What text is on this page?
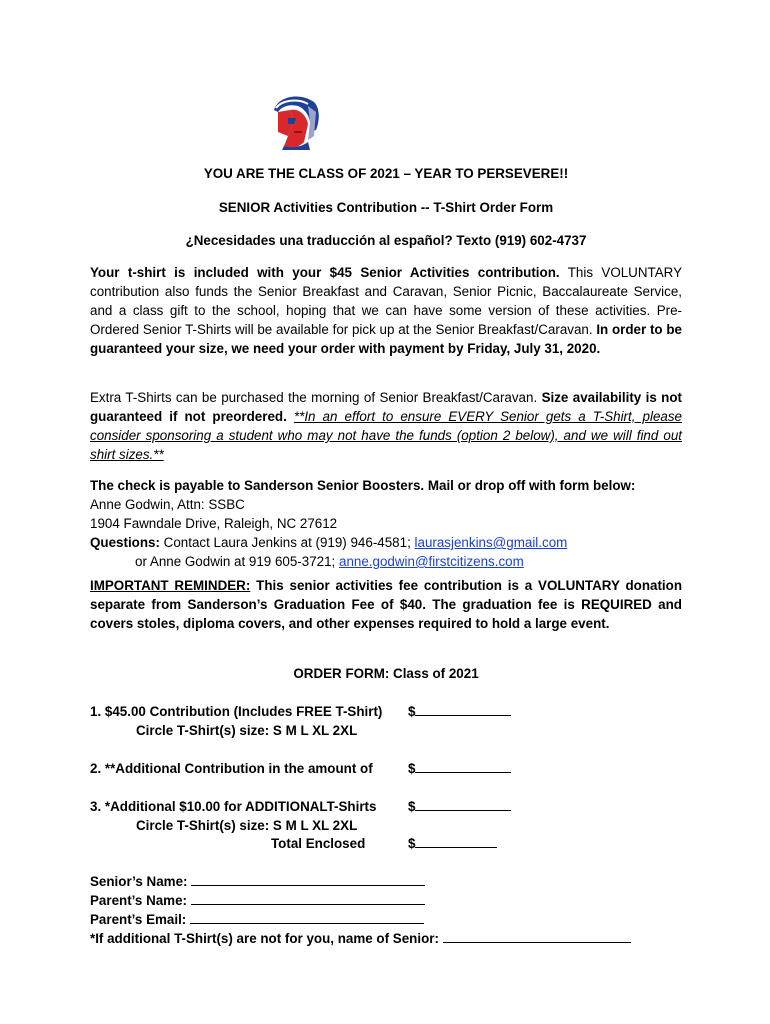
YOU ARE THE CLASS OF 2021 – YEAR TO PERSEVERE!!
SENIOR Activities Contribution -- T-Shirt Order Form
¿Necesidades una traducción al español? Texto (919) 602-4737
Your t-shirt is included with your $45 Senior Activities contribution. This VOLUNTARY contribution also funds the Senior Breakfast and Caravan, Senior Picnic, Baccalaureate Service, and a class gift to the school, hoping that we can have some version of these activities. Pre-Ordered Senior T-Shirts will be available for pick up at the Senior Breakfast/Caravan. In order to be guaranteed your size, we need your order with payment by Friday, July 31, 2020.
Extra T-Shirts can be purchased the morning of Senior Breakfast/Caravan. Size availability is not guaranteed if not preordered. **In an effort to ensure EVERY Senior gets a T-Shirt, please consider sponsoring a student who may not have the funds (option 2 below), and we will find out shirt sizes.**
The check is payable to Sanderson Senior Boosters. Mail or drop off with form below:
Anne Godwin, Attn: SSBC
1904 Fawndale Drive, Raleigh, NC 27612
Questions: Contact Laura Jenkins at (919) 946-4581; laurasjenkins@gmail.com
or Anne Godwin at 919 605-3721; anne.godwin@firstcitizens.com
IMPORTANT REMINDER: This senior activities fee contribution is a VOLUNTARY donation separate from Sanderson’s Graduation Fee of $40. The graduation fee is REQUIRED and covers stoles, diploma covers, and other expenses required to hold a large event.
ORDER FORM: Class of 2021
1. $45.00 Contribution (Includes FREE T-Shirt) $
Circle T-Shirt(s) size: S M L XL 2XL
2. **Additional Contribution in the amount of	$
3. *Additional $10.00 for ADDITIONALT-Shirts $
Circle T-Shirt(s) size: S M L XL 2XL
Total Enclosed	$
Senior’s Name:
Parent’s Name:
Parent’s Email:
*If additional T-Shirt(s) are not for you, name of Senior:
